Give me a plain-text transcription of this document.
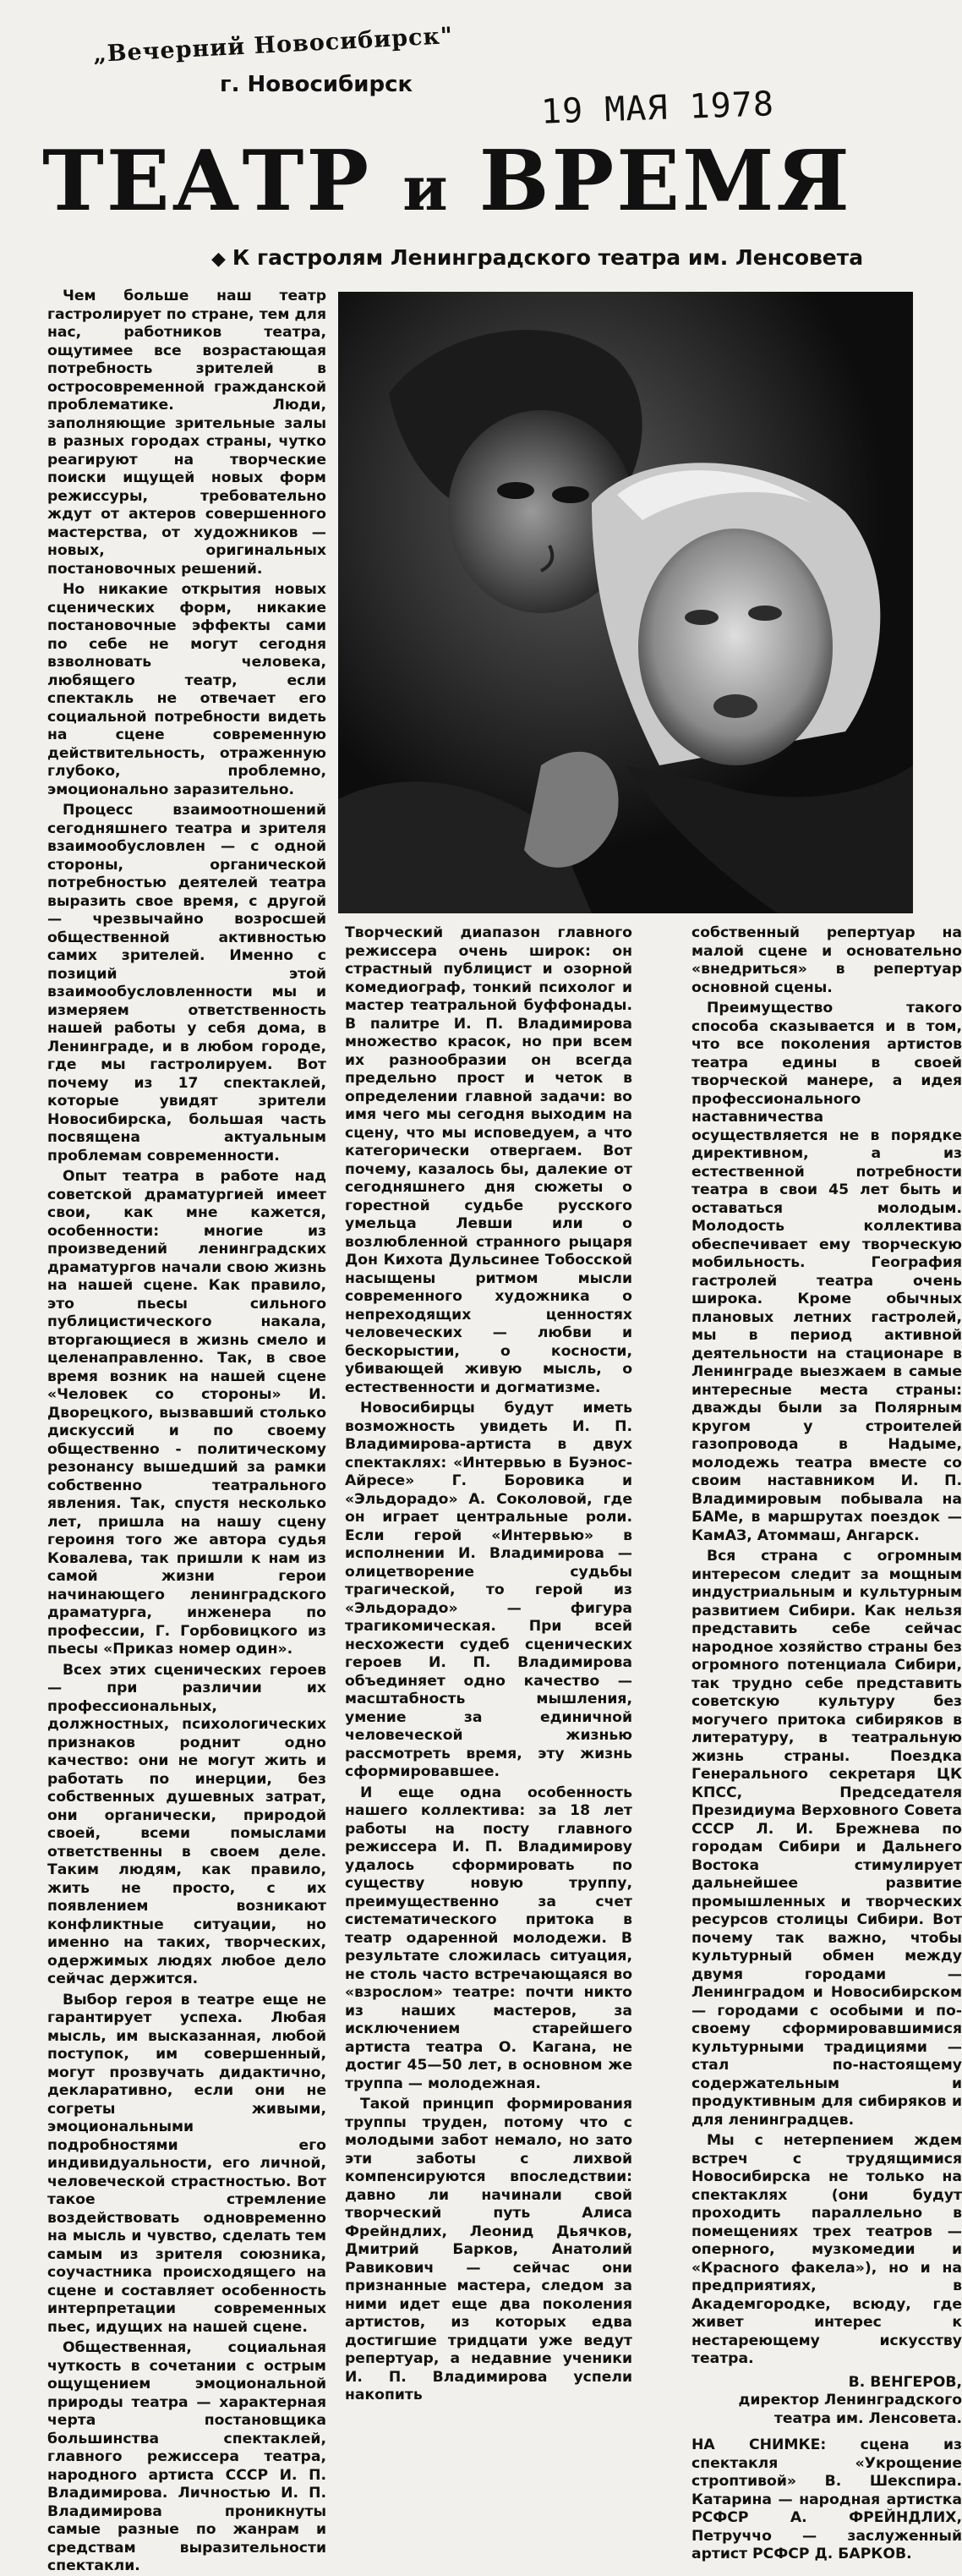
„Вечерний Новосибирск"
г. Новосибирск
19 МАЯ 1978
ТЕАТР и ВРЕМЯ
◆ К гастролям Ленинградского театра им. Ленсовета

Чем больше наш театр гастролирует по стране, тем для нас, работников театра, ощутимее все возрастающая потребность зрителей в остросовременной гражданской проблематике. Люди, заполняющие зрительные залы в разных городах страны, чутко реагируют на творческие поиски ищущей новых форм режиссуры, требовательно ждут от актеров совершенного мастерства, от художников — новых, оригинальных постановочных решений.

Но никакие открытия новых сценических форм, никакие постановочные эффекты сами по себе не могут сегодня взволновать человека, любящего театр, если спектакль не отвечает его социальной потребности видеть на сцене современную действительность, отраженную глубоко, проблемно, эмоционально заразительно.

Процесс взаимоотношений сегодняшнего театра и зрителя взаимообусловлен — с одной стороны, органической потребностью деятелей театра выразить свое время, с другой — чрезвычайно возросшей общественной активностью самих зрителей. Именно с позиций этой взаимообусловленности мы и измеряем ответственность нашей работы у себя дома, в Ленинграде, и в любом городе, где мы гастролируем. Вот почему из 17 спектаклей, которые увидят зрители Новосибирска, большая часть посвящена актуальным проблемам современности.

Опыт театра в работе над советской драматургией имеет свои, как мне кажется, особенности: многие из произведений ленинградских драматургов начали свою жизнь на нашей сцене. Как правило, это пьесы сильного публицистического накала, вторгающиеся в жизнь смело и целенаправленно. Так, в свое время возник на нашей сцене «Человек со стороны» И. Дворецкого, вызвавший столько дискуссий и по своему общественно - политическому резонансу вышедший за рамки собственно театрального явления. Так, спустя несколько лет, пришла на нашу сцену героиня того же автора судья Ковалева, так пришли к нам из самой жизни герои начинающего ленинградского драматурга, инженера по профессии, Г. Горбовицкого из пьесы «Приказ номер один».

Всех этих сценических героев — при различии их профессиональных, должностных, психологических признаков роднит одно качество: они не могут жить и работать по инерции, без собственных душевных затрат, они органически, природой своей, всеми помыслами ответственны в своем деле. Таким людям, как правило, жить не просто, с их появлением возникают конфликтные ситуации, но именно на таких, творческих, одержимых людях любое дело сейчас держится.

Выбор героя в театре еще не гарантирует успеха. Любая мысль, им высказанная, любой поступок, им совершенный, могут прозвучать дидактично, декларативно, если они не согреты живыми, эмоциональными подробностями его индивидуальности, его личной, человеческой страстностью. Вот такое стремление воздействовать одновременно на мысль и чувство, сделать тем самым из зрителя союзника, соучастника происходящего на сцене и составляет особенность интерпретации современных пьес, идущих на нашей сцене.

Общественная, социальная чуткость в сочетании с острым ощущением эмоциональной природы театра — характерная черта постановщика большинства спектаклей, главного режиссера театра, народного артиста СССР И. П. Владимирова. Личностью И. П. Владимирова проникнуты самые разные по жанрам и средствам выразительности спектакли.

Творческий диапазон главного режиссера очень широк: он страстный публицист и озорной комедиограф, тонкий психолог и мастер театральной буффонады. В палитре И. П. Владимирова множество красок, но при всем их разнообразии он всегда предельно прост и четок в определении главной задачи: во имя чего мы сегодня выходим на сцену, что мы исповедуем, а что категорически отвергаем. Вот почему, казалось бы, далекие от сегодняшнего дня сюжеты о горестной судьбе русского умельца Левши или о возлюбленной странного рыцаря Дон Кихота Дульсинее Тобосской насыщены ритмом мысли современного художника о непреходящих ценностях человеческих — любви и бескорыстии, о косности, убивающей живую мысль, о естественности и догматизме.

Новосибирцы будут иметь возможность увидеть И. П. Владимирова-артиста в двух спектаклях: «Интервью в Буэнос-Айресе» Г. Боровика и «Эльдорадо» А. Соколовой, где он играет центральные роли. Если герой «Интервью» в исполнении И. Владимирова — олицетворение судьбы трагической, то герой из «Эльдорадо» — фигура трагикомическая. При всей несхожести судеб сценических героев И. П. Владимирова объединяет одно качество — масштабность мышления, умение за единичной человеческой жизнью рассмотреть время, эту жизнь сформировавшее.

И еще одна особенность нашего коллектива: за 18 лет работы на посту главного режиссера И. П. Владимирову удалось сформировать по существу новую труппу, преимущественно за счет систематического притока в театр одаренной молодежи. В результате сложилась ситуация, не столь часто встречающаяся во «взрослом» театре: почти никто из наших мастеров, за исключением старейшего артиста театра О. Кагана, не достиг 45—50 лет, в основном же труппа — молодежная.

Такой принцип формирования труппы труден, потому что с молодыми забот немало, но зато эти заботы с лихвой компенсируются впоследствии: давно ли начинали свой творческий путь Алиса Фрейндлих, Леонид Дьячков, Дмитрий Барков, Анатолий Равикович — сейчас они признанные мастера, следом за ними идет еще два поколения артистов, из которых едва достигшие тридцати уже ведут репертуар, а недавние ученики И. П. Владимирова успели накопить

собственный репертуар на малой сцене и основательно «внедриться» в репертуар основной сцены.

Преимущество такого способа сказывается и в том, что все поколения артистов театра едины в своей творческой манере, а идея профессионального наставничества осуществляется не в порядке директивном, а из естественной потребности театра в свои 45 лет быть и оставаться молодым. Молодость коллектива обеспечивает ему творческую мобильность. География гастролей театра очень широка. Кроме обычных плановых летних гастролей, мы в период активной деятельности на стационаре в Ленинграде выезжаем в самые интересные места страны: дважды были за Полярным кругом у строителей газопровода в Надыме, молодежь театра вместе со своим наставником И. П. Владимировым побывала на БАМе, в маршрутах поездок — КамАЗ, Атоммаш, Ангарск.

Вся страна с огромным интересом следит за мощным индустриальным и культурным развитием Сибири. Как нельзя представить себе сейчас народное хозяйство страны без огромного потенциала Сибири, так трудно себе представить советскую культуру без могучего притока сибиряков в литературу, в театральную жизнь страны. Поездка Генерального секретаря ЦК КПСС, Председателя Президиума Верховного Совета СССР Л. И. Брежнева по городам Сибири и Дальнего Востока стимулирует дальнейшее развитие промышленных и творческих ресурсов столицы Сибири. Вот почему так важно, чтобы культурный обмен между двумя городами — Ленинградом и Новосибирском — городами с особыми и по-своему сформировавшимися культурными традициями — стал по-настоящему содержательным и продуктивным для сибиряков и для ленинградцев.

Мы с нетерпением ждем встреч с трудящимися Новосибирска не только на спектаклях (они будут проходить параллельно в помещениях трех театров — оперного, музкомедии и «Красного факела»), но и на предприятиях, в Академгородке, всюду, где живет интерес к нестареющему искусству театра.

В. ВЕНГЕРОВ,
директор Ленинградского театра им. Ленсовета.
НА СНИМКЕ: сцена из спектакля «Укрощение строптивой» В. Шекспира. Катарина — народная артистка РСФСР А. ФРЕЙНДЛИХ, Петруччо — заслуженный артист РСФСР Д. БАРКОВ.
